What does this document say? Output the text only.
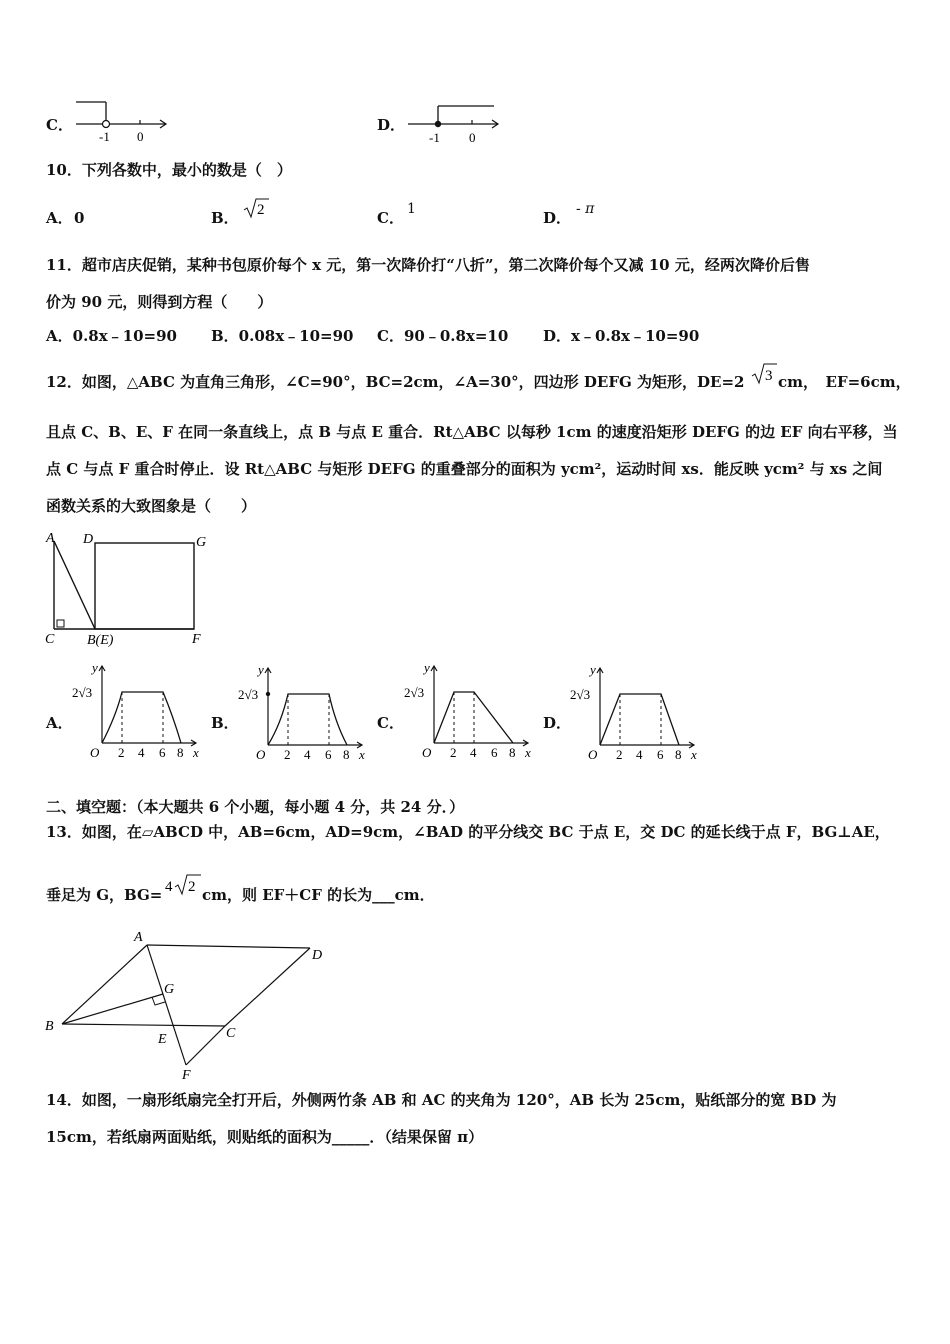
C．
-1 0
D．
-1 0
10．下列各数中，最小的数是（　）
A． 0	B． 2	C． 1	D． - π
11．超市店庆促销，某种书包原价每个 x 元，第一次降价打“八折”，第二次降价每个又减 10 元，经两次降价后售
价为 90 元，则得到方程（　　）
A．0.8x﹣10=90 B．0.08x﹣10=90 C．90﹣0.8x=10 D．x﹣0.8x﹣10=90
12．如图，△ABC 为直角三角形，∠C=90°，BC=2cm，∠A=30°，四边形 DEFG 为矩形，DE=2 3 cm，　EF=6cm，
且点 C、B、E、F 在同一条直线上，点 B 与点 E 重合．Rt△ABC 以每秒 1cm 的速度沿矩形 DEFG 的边 EF 向右平移，当
点 C 与点 F 重合时停止．设 Rt△ABC 与矩形 DEFG 的重叠部分的面积为 ycm²，运动时间 xs．能反映 ycm² 与 xs 之间
函数关系的大致图象是（　　）
A D	G
C B(E)	F
A．	B．	C．	D．
y
2√3
O 2 4 6 8 x
y
2√3
O 2 4 6 8 x
y
2√3
O 2 4 6 8 x
y
2√3
O 2 4 6 8 x
二、填空题：（本大题共 6 个小题，每小题 4 分，共 24 分．）
13．如图，在▱ABCD 中，AB=6cm，AD=9cm，∠BAD 的平分线交 BC 于点 E，交 DC 的延长线于点 F，BG⊥AE，
垂足为 G，BG= 4 2 cm，则 EF＋CF 的长为___cm．
A
D
G
B
E	C
F
14．如图，一扇形纸扇完全打开后，外侧两竹条 AB 和 AC 的夹角为 120°，AB 长为 25cm，贴纸部分的宽 BD 为
15cm，若纸扇两面贴纸，则贴纸的面积为_____．（结果保留 π）
